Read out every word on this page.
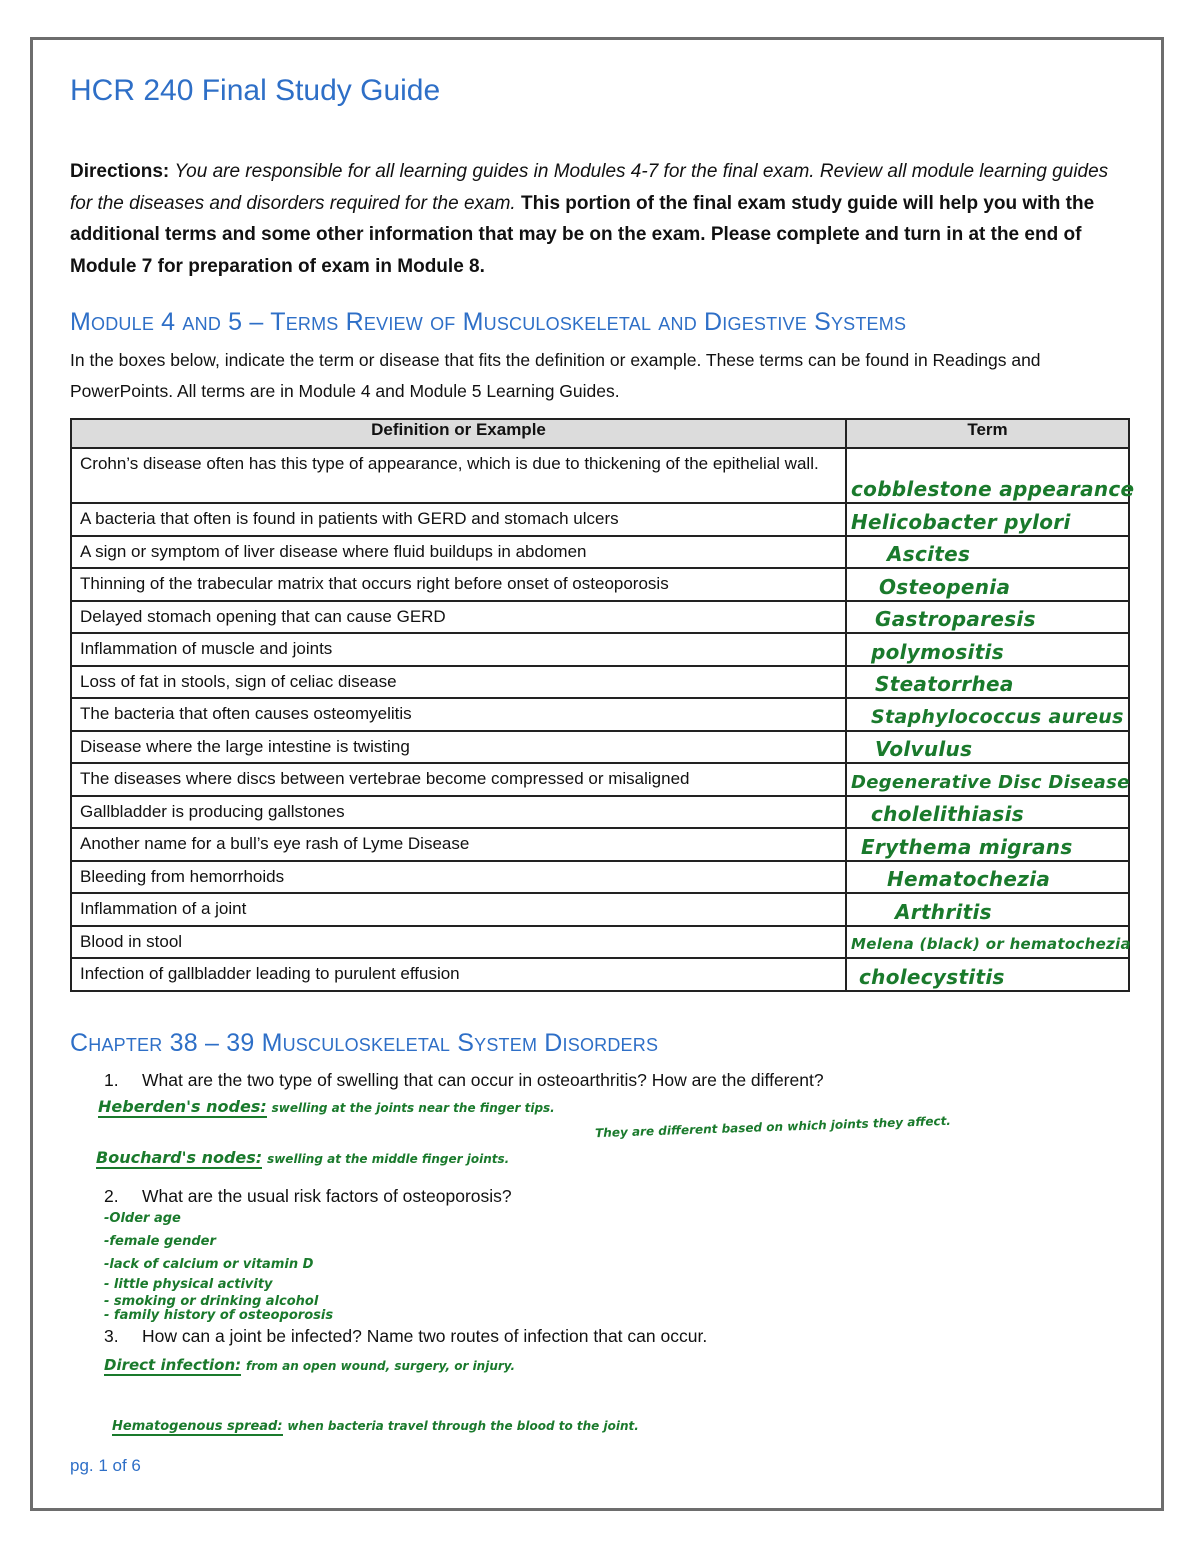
HCR 240 Final Study Guide
Directions: You are responsible for all learning guides in Modules 4-7 for the final exam. Review all module learning guides for the diseases and disorders required for the exam. This portion of the final exam study guide will help you with the additional terms and some other information that may be on the exam. Please complete and turn in at the end of Module 7 for preparation of exam in Module 8.
Module 4 and 5 – Terms Review of Musculoskeletal and Digestive Systems
In the boxes below, indicate the term or disease that fits the definition or example. These terms can be found in Readings and PowerPoints. All terms are in Module 4 and Module 5 Learning Guides.
Definition or Example	Term
Crohn’s disease often has this type of appearance, which is due to thickening of the epithelial wall.	cobblestone appearance

A bacteria that often is found in patients with GERD and stomach ulcers	Helicobacter pylori

A sign or symptom of liver disease where fluid buildups in abdomen	Ascites

Thinning of the trabecular matrix that occurs right before onset of osteoporosis	Osteopenia

Delayed stomach opening that can cause GERD	Gastroparesis

Inflammation of muscle and joints	polymositis

Loss of fat in stools, sign of celiac disease	Steatorrhea

The bacteria that often causes osteomyelitis	Staphylococcus aureus

Disease where the large intestine is twisting	Volvulus

The diseases where discs between vertebrae become compressed or misaligned	Degenerative Disc Disease

Gallbladder is producing gallstones	cholelithiasis

Another name for a bull’s eye rash of Lyme Disease	Erythema migrans

Bleeding from hemorrhoids	Hematochezia

Inflammation of a joint	Arthritis

Blood in stool	Melena (black) or hematochezia

Infection of gallbladder leading to purulent effusion	cholecystitis
Chapter 38 – 39 Musculoskeletal System Disorders
1. What are the two type of swelling that can occur in osteoarthritis? How are the different?
Heberden's nodes: swelling at the joints near the finger tips.
They are different based on which joints they affect.
Bouchard's nodes: swelling at the middle finger joints.
2. What are the usual risk factors of osteoporosis?
-Older age
-female gender
-lack of calcium or vitamin D
- little physical activity
- smoking or drinking alcohol
- family history of osteoporosis
3. How can a joint be infected? Name two routes of infection that can occur.
Direct infection: from an open wound, surgery, or injury.
Hematogenous spread: when bacteria travel through the blood to the joint.
pg. 1 of 6
